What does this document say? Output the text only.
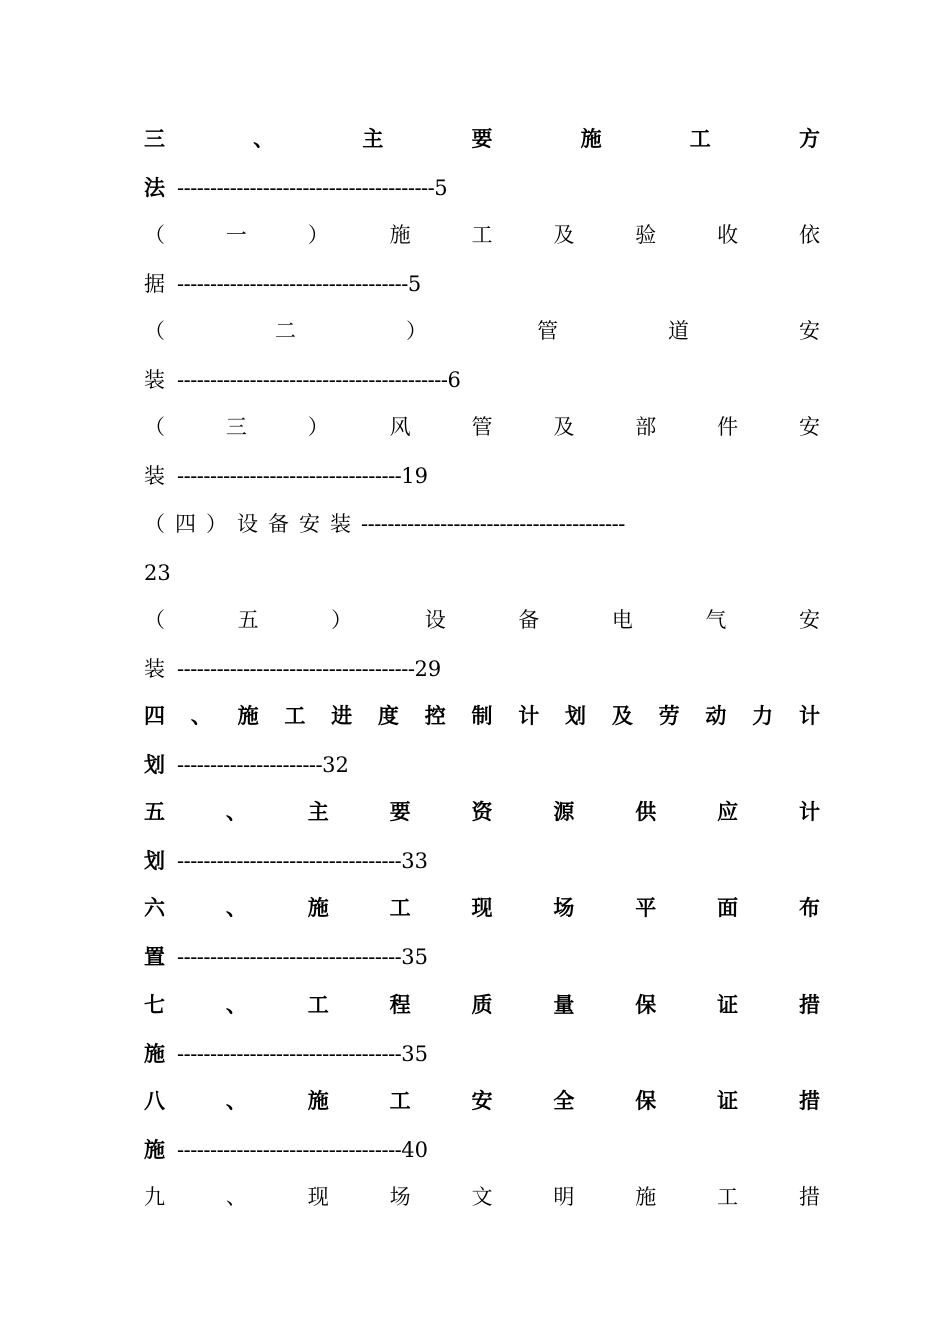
三	、	主	要	施	工	方
法 --------------------------------------- 5
（	一	）	施	工	及	验	收	依
据 ----------------------------------- 5
（	二	）	管	道	安
装 ----------------------------------------- 6
（	三	）	风	管	及	部	件	安
装 ---------------------------------- 19
（四）设备安装 ----------------------------------------
23
（	五	）	设	备	电	气	安
装 ------------------------------------ 29
四 、 施 工 进 度 控 制 计 划 及 劳 动 力 计
划 ---------------------- 32
五	、	主	要	资	源	供	应	计
划 ---------------------------------- 33
六	、	施	工	现	场	平	面	布
置 ---------------------------------- 35
七	、	工	程	质	量	保	证	措
施 ---------------------------------- 35
八	、	施	工	安	全	保	证	措
施 ---------------------------------- 40
九	、	现	场	文	明	施	工	措
